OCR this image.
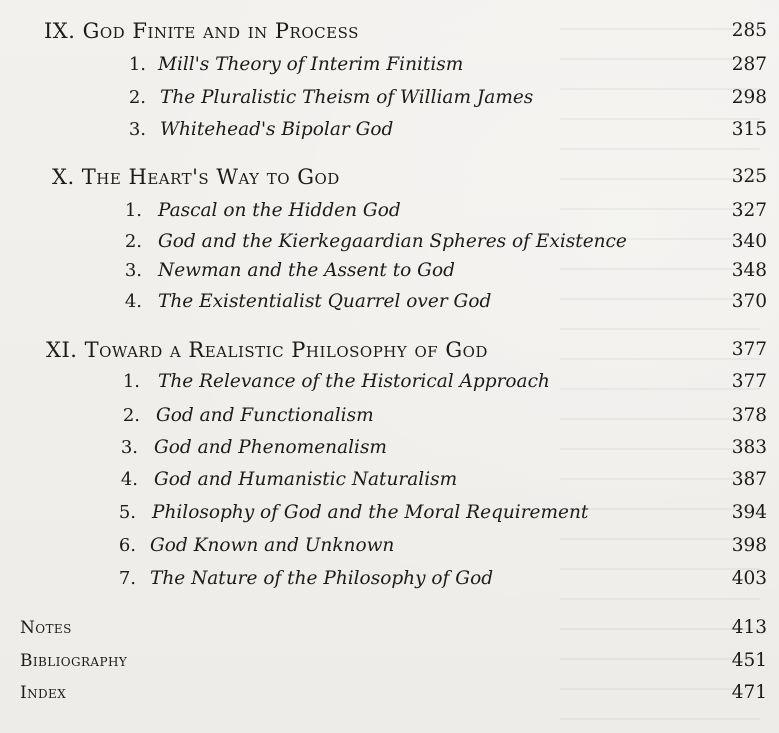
IX. God Finite and in Process	285
1. Mill's Theory of Interim Finitism	287
2. The Pluralistic Theism of William James	298
3. Whitehead's Bipolar God	315
X. The Heart's Way to God	325
1. Pascal on the Hidden God	327
2. God and the Kierkegaardian Spheres of Existence	340
3. Newman and the Assent to God	348
4. The Existentialist Quarrel over God	370
XI. Toward a Realistic Philosophy of God	377
1. The Relevance of the Historical Approach	377
2. God and Functionalism	378
3. God and Phenomenalism	383
4. God and Humanistic Naturalism	387
5. Philosophy of God and the Moral Requirement	394
6. God Known and Unknown	398
7. The Nature of the Philosophy of God	403
Notes	413
Bibliography	451
Index	471
